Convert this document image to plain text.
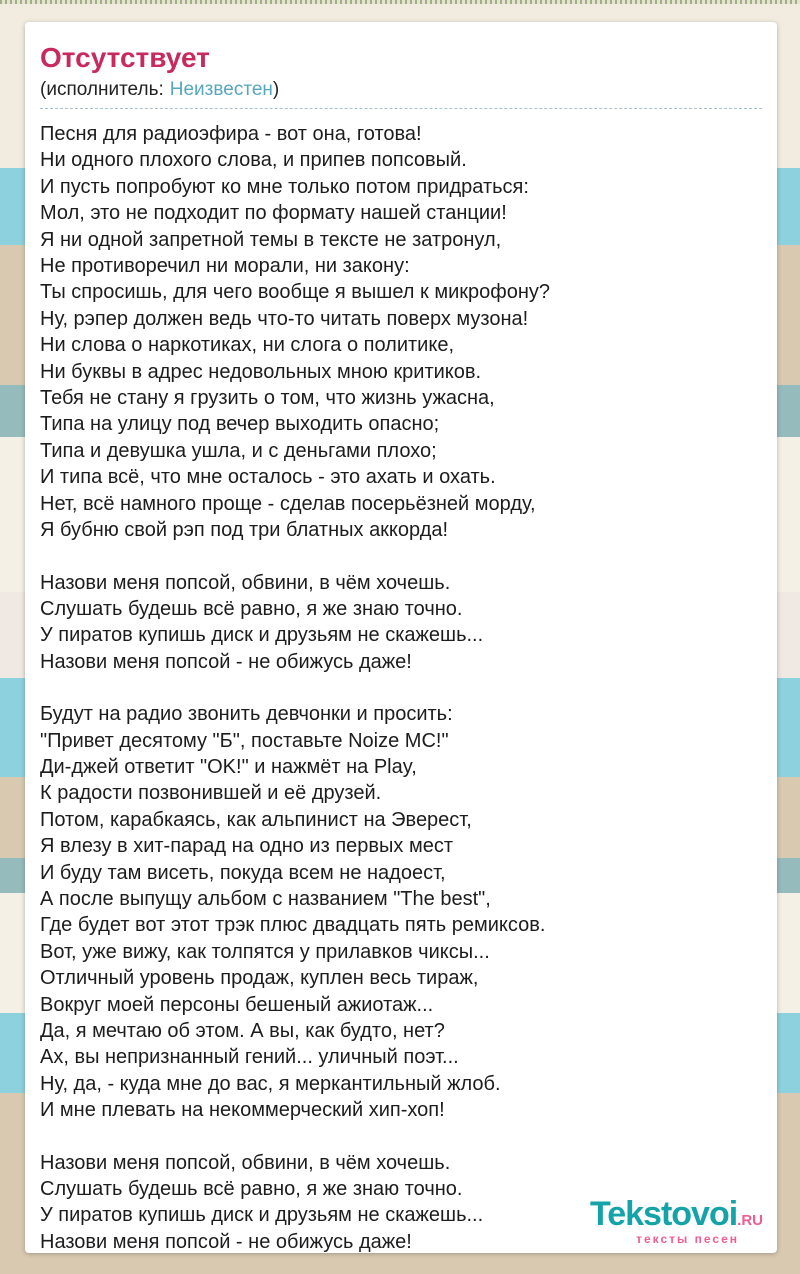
Отсутствует
(исполнитель: Неизвестен)

Песня для радиоэфира - вот она, готова!
Ни одного плохого слова, и припев попсовый.
И пусть попробуют ко мне только потом придраться:
Мол, это не подходит по формату нашей станции!
Я ни одной запретной темы в тексте не затронул,
Не противоречил ни морали, ни закону:
Ты спросишь, для чего вообще я вышел к микрофону?
Ну, рэпер должен ведь что-то читать поверх музона!
Ни слова о наркотиках, ни слога о политике,
Ни буквы в адрес недовольных мною критиков.
Тебя не стану я грузить о том, что жизнь ужасна,
Типа на улицу под вечер выходить опасно;
Типа и девушка ушла, и с деньгами плохо;
И типа всё, что мне осталось - это ахать и охать.
Нет, всё намного проще - сделав посерьёзней морду,
Я бубню свой рэп под три блатных аккорда!

Назови меня попсой, обвини, в чём хочешь.
Слушать будешь всё равно, я же знаю точно.
У пиратов купишь диск и друзьям не скажешь...
Назови меня попсой - не обижусь даже!

Будут на радио звонить девчонки и просить:
"Привет десятому "Б", поставьте Noize MC!"
Ди-джей ответит "OK!" и нажмёт на Play,
К радости позвонившей и её друзей.
Потом, карабкаясь, как альпинист на Эверест,
Я влезу в хит-парад на одно из первых мест
И буду там висеть, покуда всем не надоест,
А после выпущу альбом с названием "The best",
Где будет вот этот трэк плюс двадцать пять ремиксов.
Вот, уже вижу, как толпятся у прилавков чиксы...
Отличный уровень продаж, куплен весь тираж,
Вокруг моей персоны бешеный ажиотаж...
Да, я мечтаю об этом. А вы, как будто, нет?
Ах, вы непризнанный гений... уличный поэт...
Ну, да, - куда мне до вас, я меркантильный жлоб.
И мне плевать на некоммерческий хип-хоп!

Назови меня попсой, обвини, в чём хочешь.
Слушать будешь всё равно, я же знаю точно.
У пиратов купишь диск и друзьям не скажешь...
Назови меня попсой - не обижусь даже!

Tekstovoi.RU
тексты песен
